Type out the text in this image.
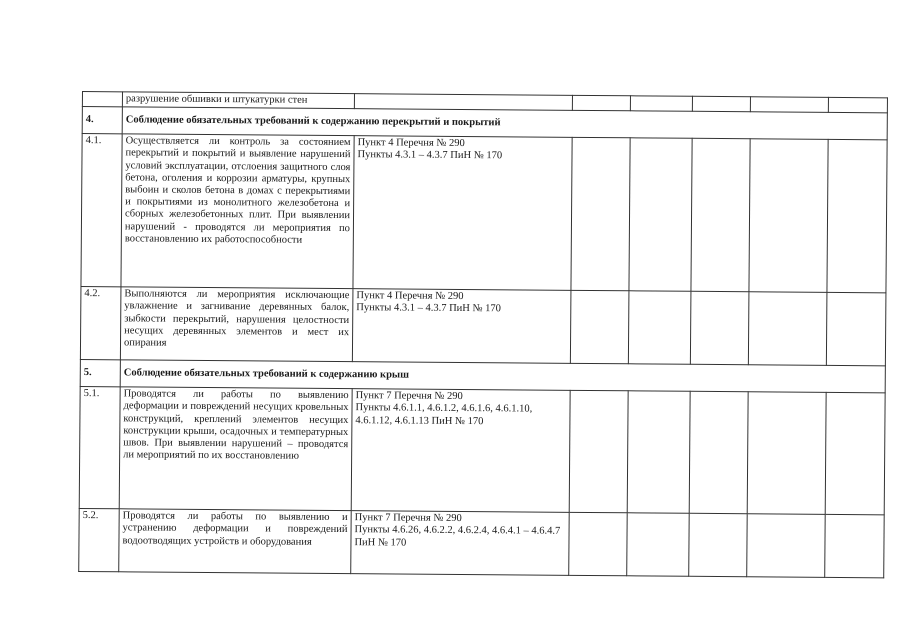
	разрушение обшивки и штукатурки стен						
4.	Соблюдение обязательных требований к содержанию перекрытий и покрытий						
4.1.	Осуществляется ли контроль за состоянием перекрытий и покрытий и выявление нарушений условий эксплуатации, отслоения защитного слоя бетона, оголения и коррозии арматуры, крупных выбоин и сколов бетона в домах с перекрытиями и покрытиями из монолитного железобетона и сборных железобетонных плит. При выявлении нарушений - проводятся ли мероприятия по восстановлению их работоспособности	Пункт 4 Перечня № 290
Пункты 4.3.1 – 4.3.7 ПиН № 170					

4.2.	Выполняются ли мероприятия исключающие увлажнение и загнивание деревянных балок, зыбкости перекрытий, нарушения целостности несущих деревянных элементов и мест их опирания	Пункт 4 Перечня № 290
Пункты 4.3.1 – 4.3.7 ПиН № 170					

5.	Соблюдение обязательных требований к содержанию крыш						
5.1.	Проводятся ли работы по выявлению деформации и повреждений несущих кровельных конструкций, креплений элементов несущих конструкции крыши, осадочных и температурных швов. При выявлении нарушений – проводятся ли мероприятий по их восстановлению	Пункт 7 Перечня № 290
Пункты 4.6.1.1, 4.6.1.2, 4.6.1.6, 4.6.1.10, 4.6.1.12, 4.6.1.13 ПиН № 170					

5.2.	Проводятся ли работы по выявлению и устранению деформации и повреждений водоотводящих устройств и оборудования	Пункт 7 Перечня № 290
Пункты 4.6.26, 4.6.2.2, 4.6.2.4, 4.6.4.1 – 4.6.4.7 ПиН № 170					
